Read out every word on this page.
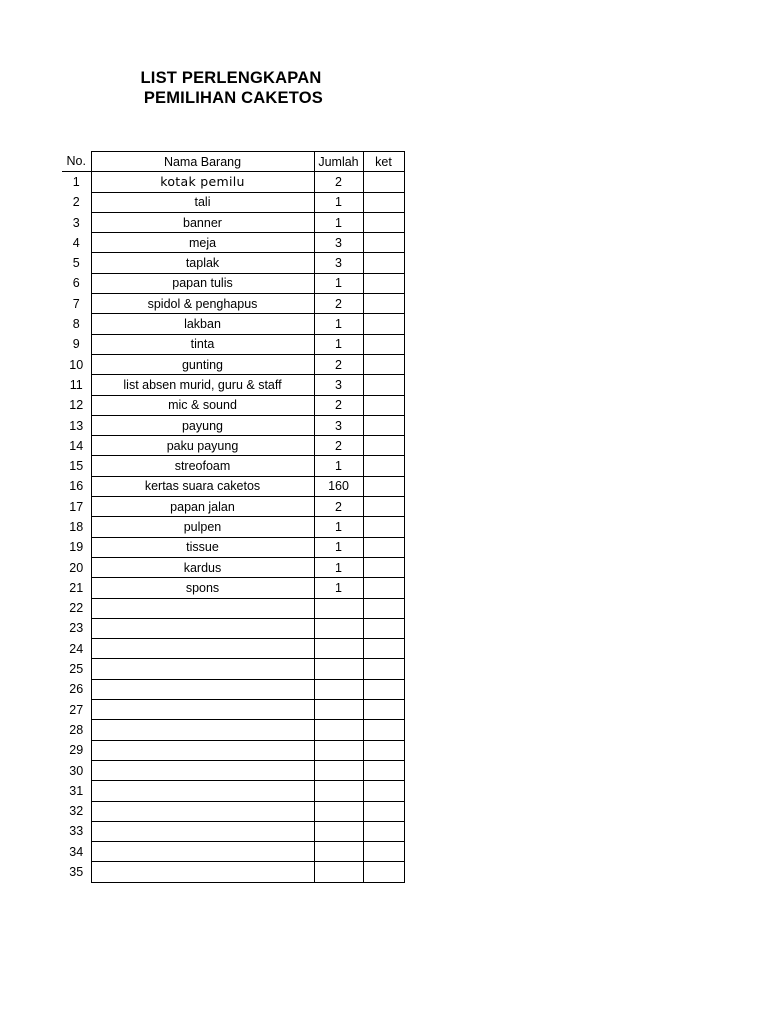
LIST PERLENGKAPAN
PEMILIHAN CAKETOS
No.	Nama Barang	Jumlah	ket
1	kotak pemilu	2	
2	tali	1	
3	banner	1	
4	meja	3	
5	taplak	3	
6	papan tulis	1	
7	spidol & penghapus	2	
8	lakban	1	
9	tinta	1	
10	gunting	2	
11	list absen murid, guru & staff	3	
12	mic & sound	2	
13	payung	3	
14	paku payung	2	
15	streofoam	1	
16	kertas suara caketos	160	
17	papan jalan	2	
18	pulpen	1	
19	tissue	1	
20	kardus	1	
21	spons	1	
22			
23			
24			
25			
26			
27			
28			
29			
30			
31			
32			
33			
34			
35			
